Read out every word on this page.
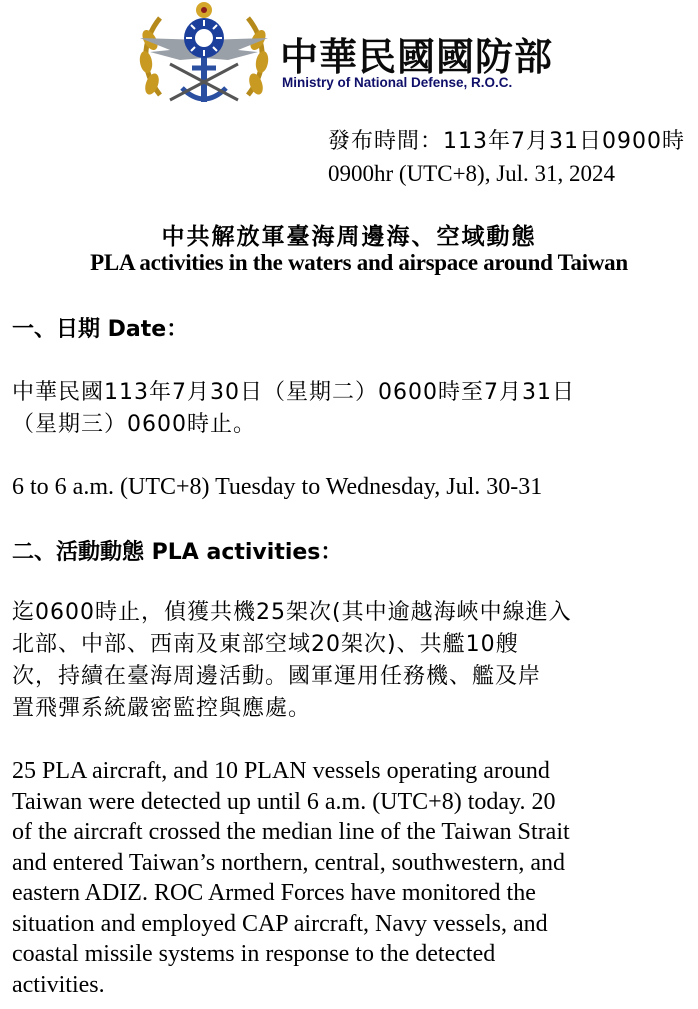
中華民國國防部
Ministry of National Defense, R.O.C.
發布時間：113年7月31日0900時
0900hr (UTC+8), Jul. 31, 2024
中共解放軍臺海周邊海、空域動態
PLA activities in the waters and airspace around Taiwan
一、日期 Date：
中華民國113年7月30日（星期二）0600時至7月31日
（星期三）0600時止。
6 to 6 a.m. (UTC+8) Tuesday to Wednesday, Jul. 30-31
二、活動動態 PLA activities：
迄0600時止，偵獲共機25架次(其中逾越海峽中線進入
北部、中部、西南及東部空域20架次)、共艦10艘
次，持續在臺海周邊活動。國軍運用任務機、艦及岸
置飛彈系統嚴密監控與應處。
25 PLA aircraft, and 10 PLAN vessels operating around
Taiwan were detected up until 6 a.m. (UTC+8) today. 20
of the aircraft crossed the median line of the Taiwan Strait
and entered Taiwan’s northern, central, southwestern, and
eastern ADIZ. ROC Armed Forces have monitored the
situation and employed CAP aircraft, Navy vessels, and
coastal missile systems in response to the detected
activities.
